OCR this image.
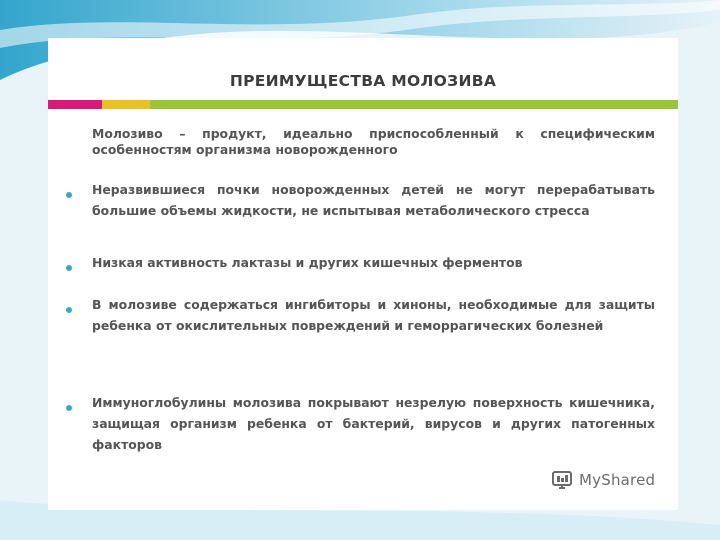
ПРЕИМУЩЕСТВА МОЛОЗИВА
Молозиво – продукт, идеально приспособленный к специфическим особенностям организма новорожденного
Неразвившиеся почки новорожденных детей не могут перерабатывать большие объемы жидкости, не испытывая метаболического стресса
Низкая активность лактазы и других кишечных ферментов
В молозиве содержаться ингибиторы и хиноны, необходимые для защиты ребенка от окислительных повреждений и геморрагических болезней
Иммуноглобулины молозива покрывают незрелую поверхность кишечника, защищая организм ребенка от бактерий, вирусов и других патогенных факторов
MyShared
